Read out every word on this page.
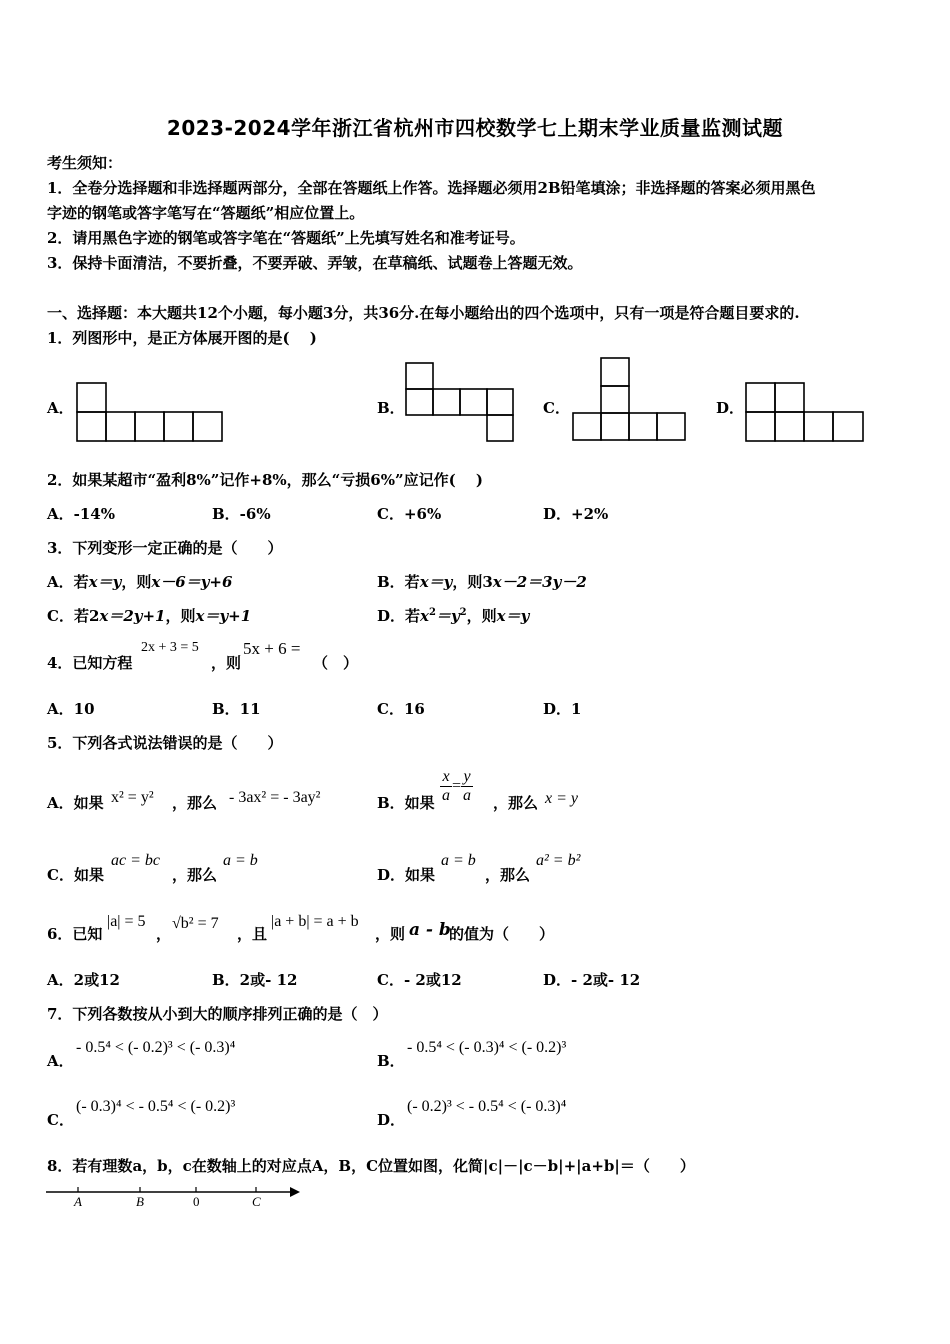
2023-2024学年浙江省杭州市四校数学七上期末学业质量监测试题
考生须知：
1．全卷分选择题和非选择题两部分，全部在答题纸上作答。选择题必须用2B铅笔填涂；非选择题的答案必须用黑色
字迹的钢笔或答字笔写在“答题纸”相应位置上。
2．请用黑色字迹的钢笔或答字笔在“答题纸”上先填写姓名和准考证号。
3．保持卡面清洁，不要折叠，不要弄破、弄皱，在草稿纸、试题卷上答题无效。
一、选择题：本大题共12个小题，每小题3分，共36分.在每小题给出的四个选项中，只有一项是符合题目要求的.
1．列图形中，是正方体展开图的是(　 )
A．	B．	C．	D．
2．如果某超市“盈利8%”记作+8%，那么“亏损6%”应记作(　 )
A．-14%	B．-6%	C．+6%	D．+2%
3．下列变形一定正确的是（　　）
A．若x＝y，则x－6＝y+6	B．若x＝y，则3x－2＝3y－2
C．若2x＝2y+1，则x＝y+1	D．若$x^2=y^2$，则x＝y
4．已知方程
2x + 3 = 5
，则
5x + 6 =
（　）
A．10	B．11	C．16	D．1
5．下列各式说法错误的是（　　）
A．如果 x² = y² ，那么 - 3ax² = - 3ay²	B．如果 $\frac{x}{a} = \frac{y}{a}$ ，那么 x = y
C．如果
ac = bc
，那么
a = b
D．如果
a = b
，那么
a² = b²
6．已知
|a| = 5
，
√b² = 7
，且
|a + b| = a + b
，则 a - b
的值为（　　）
A．2或12	B．2或- 12	C．- 2或12	D．- 2或- 12
7．下列各数按从小到大的顺序排列正确的是（　）
A．
- 0.5⁴ < (- 0.2)³ < (- 0.3)⁴
B．
- 0.5⁴ < (- 0.3)⁴ < (- 0.2)³
C．
(- 0.3)⁴ < - 0.5⁴ < (- 0.2)³
D．
(- 0.2)³ < - 0.5⁴ < (- 0.3)⁴
8．若有理数a，b，c在数轴上的对应点A，B，C位置如图，化简|c|－|c－b|+|a+b|＝（　　）
A	B	0	C
